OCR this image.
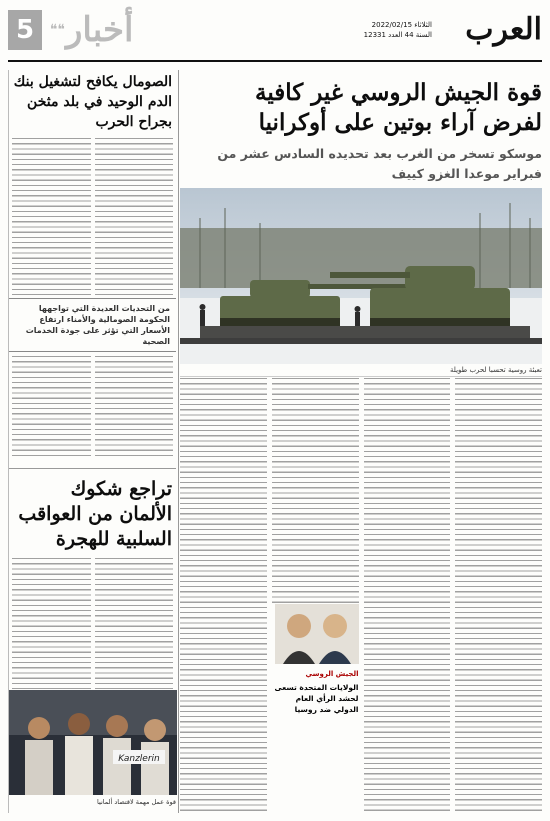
العرب
الثلاثاء 2022/02/15
السنة 44 العدد 12331
❝❝ أخبار
5
قوة الجيش الروسي غير كافية
لفرض آراء بوتين على أوكرانيا
موسكو تسخر من الغرب بعد تحديده السادس عشر من فبراير موعدا الغزو كييف
تعبئة روسية تحسبا لحرب طويلة
الجيش الروسي
الولايات المتحدة تسعى لحشد الرأي العام الدولي ضد روسيا
الصومال يكافح لتشغيل بنك الدم الوحيد في بلد مثخن بجراح الحرب
من التحديات العديدة التي تواجهها الحكومة الصومالية والأمناء ارتفاع الأسعار التي تؤثر على جودة الخدمات الصحية
تراجع شكوك الألمان من العواقب السلبية للهجرة
Kanzlerin
قوة عمل مهمة لاقتصاد ألمانيا
